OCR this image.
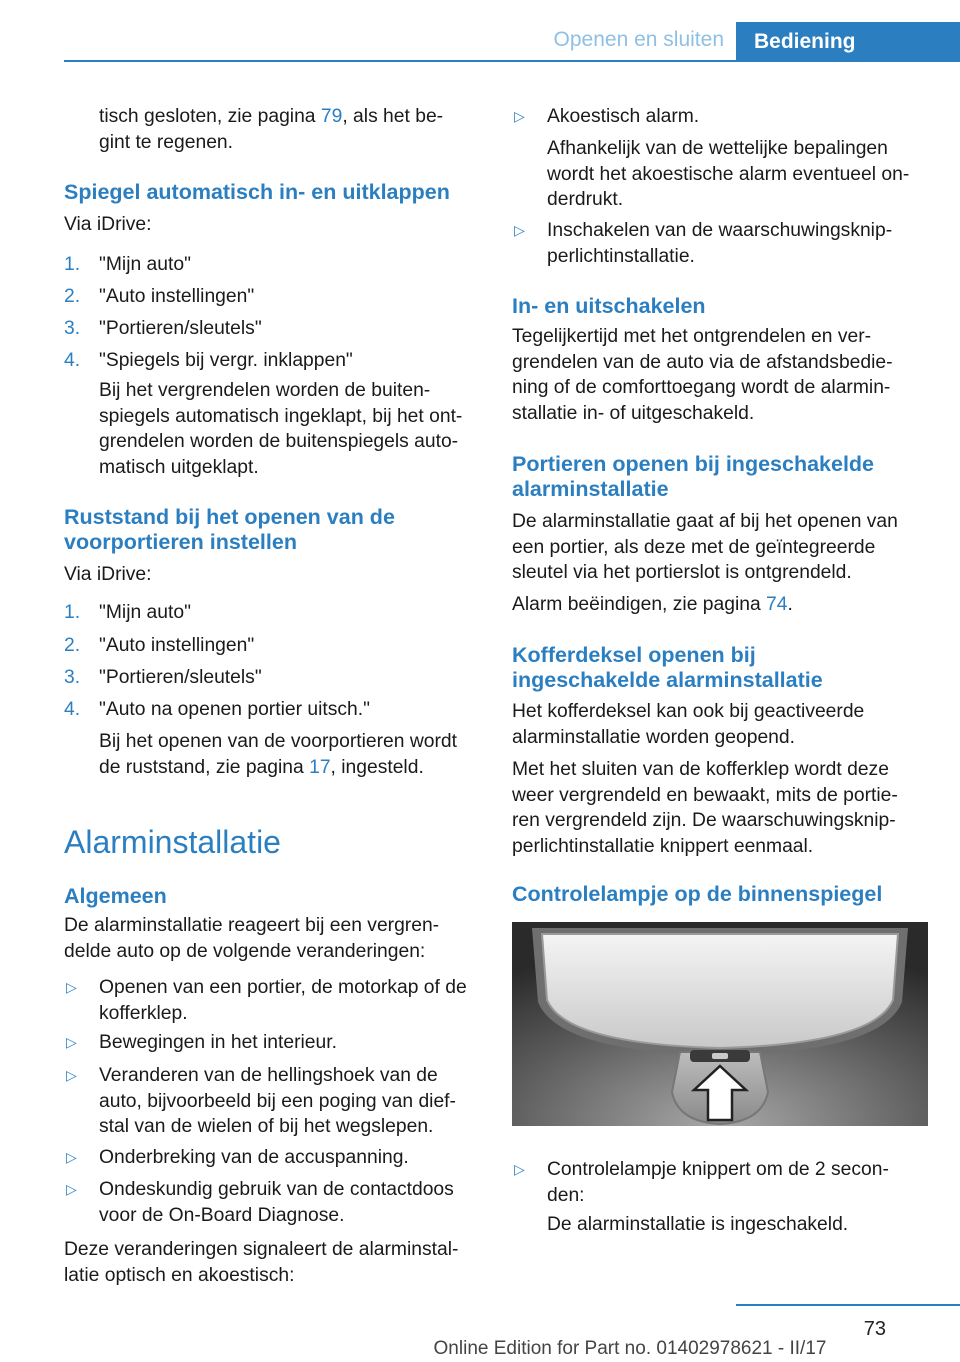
Openen en sluiten	Bediening

tisch gesloten, zie pagina 79, als het be-
gint te regenen.

Spiegel automatisch in- en uitklappen

Via iDrive:

1. "Mijn auto"
2. "Auto instellingen"
3. "Portieren/sleutels"
4. "Spiegels bij vergr. inklappen"

Bij het vergrendelen worden de buiten-
spiegels automatisch ingeklapt, bij het ont-
grendelen worden de buitenspiegels auto-
matisch uitgeklapt.

Ruststand bij het openen van de
voorportieren instellen

Via iDrive:

1. "Mijn auto"
2. "Auto instellingen"
3. "Portieren/sleutels"
4. "Auto na openen portier uitsch."

Bij het openen van de voorportieren wordt
de ruststand, zie pagina 17, ingesteld.

Alarminstallatie
Algemeen

De alarminstallatie reageert bij een vergren-
delde auto op de volgende veranderingen:

▷ Openen van een portier, de motorkap of de
kofferklep.

▷ Bewegingen in het interieur.

▷ Veranderen van de hellingshoek van de
auto, bijvoorbeeld bij een poging van dief-
stal van de wielen of bij het wegslepen.

▷ Onderbreking van de accuspanning.

▷ Ondeskundig gebruik van de contactdoos
voor de On-Board Diagnose.

Deze veranderingen signaleert de alarminstal-
latie optisch en akoestisch:

▷ Akoestisch alarm.

Afhankelijk van de wettelijke bepalingen
wordt het akoestische alarm eventueel on-
derdrukt.

▷ Inschakelen van de waarschuwingsknip-
perlichtinstallatie.

In- en uitschakelen

Tegelijkertijd met het ontgrendelen en ver-
grendelen van de auto via de afstandsbedie-
ning of de comforttoegang wordt de alarmin-
stallatie in- of uitgeschakeld.

Portieren openen bij ingeschakelde
alarminstallatie

De alarminstallatie gaat af bij het openen van
een portier, als deze met de geïntegreerde
sleutel via het portierslot is ontgrendeld.

Alarm beëindigen, zie pagina 74.

Kofferdeksel openen bij
ingeschakelde alarminstallatie

Het kofferdeksel kan ook bij geactiveerde
alarminstallatie worden geopend.

Met het sluiten van de kofferklep wordt deze
weer vergrendeld en bewaakt, mits de portie-
ren vergrendeld zijn. De waarschuwingsknip-
perlichtinstallatie knippert eenmaal.

Controlelampje op de binnenspiegel
▷ Controlelampje knippert om de 2 secon-
den:

De alarminstallatie is ingeschakeld.

73
Online Edition for Part no. 01402978621 - II/17
